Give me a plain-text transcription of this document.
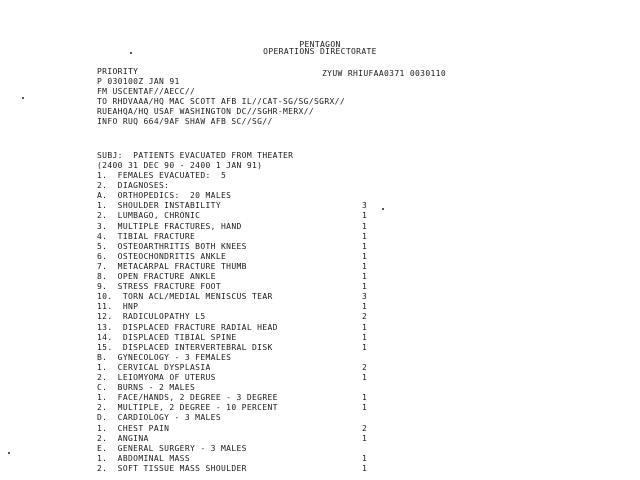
PENTAGON
OPERATIONS DIRECTORATE
PRIORITY	ZYUW RHIUFAA0371 0030110
P 030100Z JAN 91
FM USCENTAF//AECC//
TO RHDVAAA/HQ MAC SCOTT AFB IL//CAT-SG/SG/SGRX//
RUEAHQA/HQ USAF WASHINGTON DC//SGHR-MERX//
INFO RUQ 664/9AF SHAW AFB SC//SG//
SUBJ:  PATIENTS EVACUATED FROM THEATER
(2400 31 DEC 90 - 2400 1 JAN 91)
1.  FEMALES EVACUATED:  5
2.  DIAGNOSES:
A.  ORTHOPEDICS:  20 MALES
1.  SHOULDER INSTABILITY	3
2.  LUMBAGO, CHRONIC	1
3.  MULTIPLE FRACTURES, HAND	1
4.  TIBIAL FRACTURE	1
5.  OSTEOARTHRITIS BOTH KNEES	1
6.  OSTEOCHONDRITIS ANKLE	1
7.  METACARPAL FRACTURE THUMB	1
8.  OPEN FRACTURE ANKLE	1
9.  STRESS FRACTURE FOOT	1
10.  TORN ACL/MEDIAL MENISCUS TEAR	3
11.  HNP	1
12.  RADICULOPATHY L5	2
13.  DISPLACED FRACTURE RADIAL HEAD	1
14.  DISPLACED TIBIAL SPINE	1
15.  DISPLACED INTERVERTEBRAL DISK	1
B.  GYNECOLOGY - 3 FEMALES
1.  CERVICAL DYSPLASIA	2
2.  LEIOMYOMA OF UTERUS	1
C.  BURNS - 2 MALES
1.  FACE/HANDS, 2 DEGREE - 3 DEGREE	1
2.  MULTIPLE, 2 DEGREE - 10 PERCENT	1
D.  CARDIOLOGY - 3 MALES
1.  CHEST PAIN	2
2.  ANGINA	1
E.  GENERAL SURGERY - 3 MALES
1.  ABDOMINAL MASS	1
2.  SOFT TISSUE MASS SHOULDER	1
